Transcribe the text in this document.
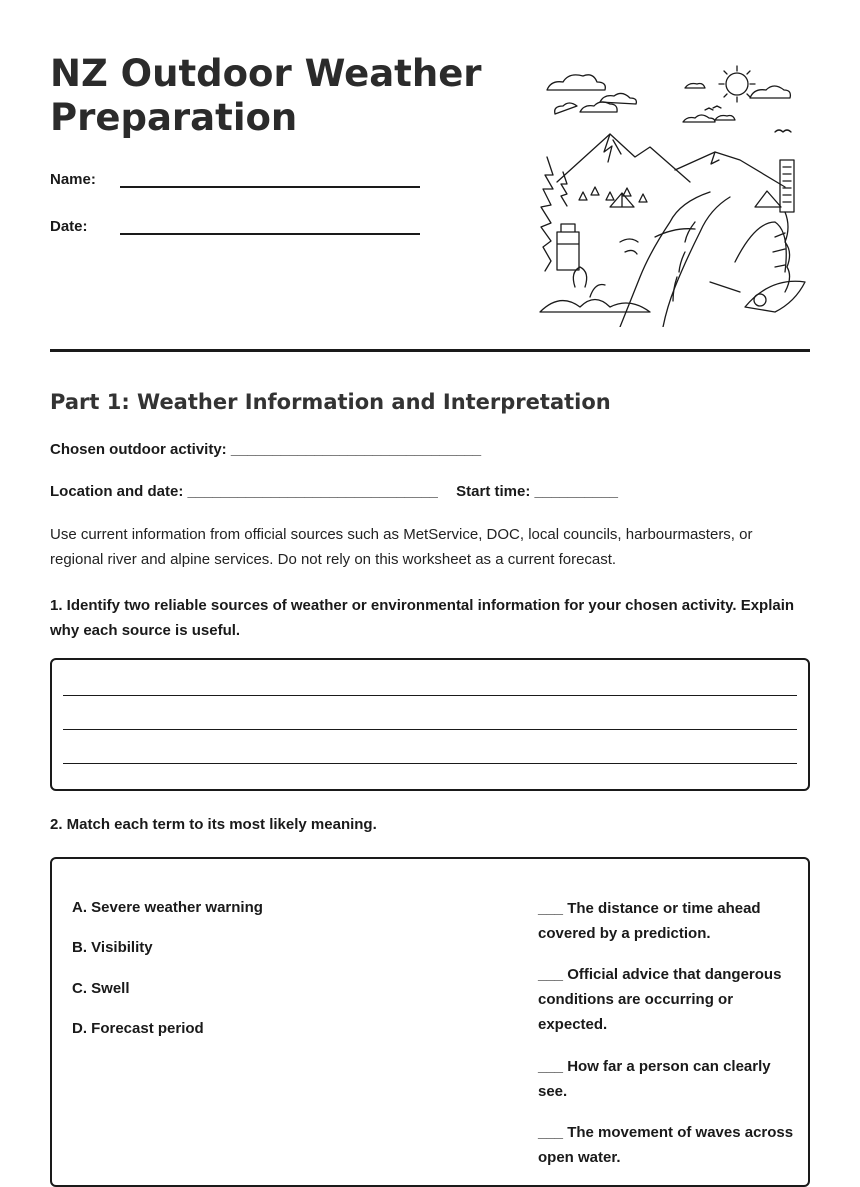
NZ Outdoor Weather Preparation
Name:
Date:
Part 1: Weather Information and Interpretation
Chosen outdoor activity: ______________________________
Location and date: ______________________________ Start time: __________

Use current information from official sources such as MetService, DOC, local councils, harbourmasters, or regional river and alpine services. Do not rely on this worksheet as a current forecast.

1. Identify two reliable sources of weather or environmental information for your chosen activity. Explain why each source is useful.

2. Match each term to its most likely meaning.

A. Severe weather warning
B. Visibility
C. Swell
D. Forecast period

___ The distance or time ahead covered by a prediction.

___ Official advice that dangerous conditions are occurring or expected.

___ How far a person can clearly see.

___ The movement of waves across open water.
